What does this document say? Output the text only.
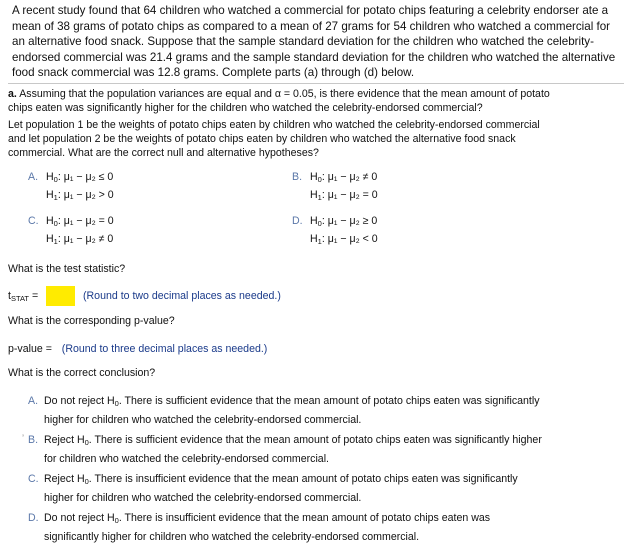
A recent study found that 64 children who watched a commercial for potato chips featuring a celebrity endorser ate a mean of 38 grams of potato chips as compared to a mean of 27 grams for 54 children who watched a commercial for an alternative food snack. Suppose that the sample standard deviation for the children who watched the celebrity-endorsed commercial was 21.4 grams and the sample standard deviation for the children who watched the alternative food snack commercial was 12.8 grams. Complete parts (a) through (d) below.
a. Assuming that the population variances are equal and α = 0.05, is there evidence that the mean amount of potato chips eaten was significantly higher for the children who watched the celebrity-endorsed commercial?
Let population 1 be the weights of potato chips eaten by children who watched the celebrity-endorsed commercial and let population 2 be the weights of potato chips eaten by children who watched the alternative food snack commercial. What are the correct null and alternative hypotheses?
A. $H_0$: μ₁ − μ₂ ≤ 0
$H_1$: μ₁ − μ₂ > 0
B. $H_0$: μ₁ − μ₂ ≠ 0
$H_1$: μ₁ − μ₂ = 0
C. $H_0$: μ₁ − μ₂ = 0
$H_1$: μ₁ − μ₂ ≠ 0
D. $H_0$: μ₁ − μ₂ ≥ 0
$H_1$: μ₁ − μ₂ < 0
What is the test statistic?
$t_{STAT}$ =	(Round to two decimal places as needed.)
What is the corresponding p-value?
p-value = (Round to three decimal places as needed.)
What is the correct conclusion?
A. Do not reject $H_0$. There is sufficient evidence that the mean amount of potato chips eaten was significantly higher for children who watched the celebrity-endorsed commercial.
’ B. Reject $H_0$. There is sufficient evidence that the mean amount of potato chips eaten was significantly higher for children who watched the celebrity-endorsed commercial.
C. Reject $H_0$. There is insufficient evidence that the mean amount of potato chips eaten was significantly higher for children who watched the celebrity-endorsed commercial.
D. Do not reject $H_0$. There is insufficient evidence that the mean amount of potato chips eaten was significantly higher for children who watched the celebrity-endorsed commercial.
